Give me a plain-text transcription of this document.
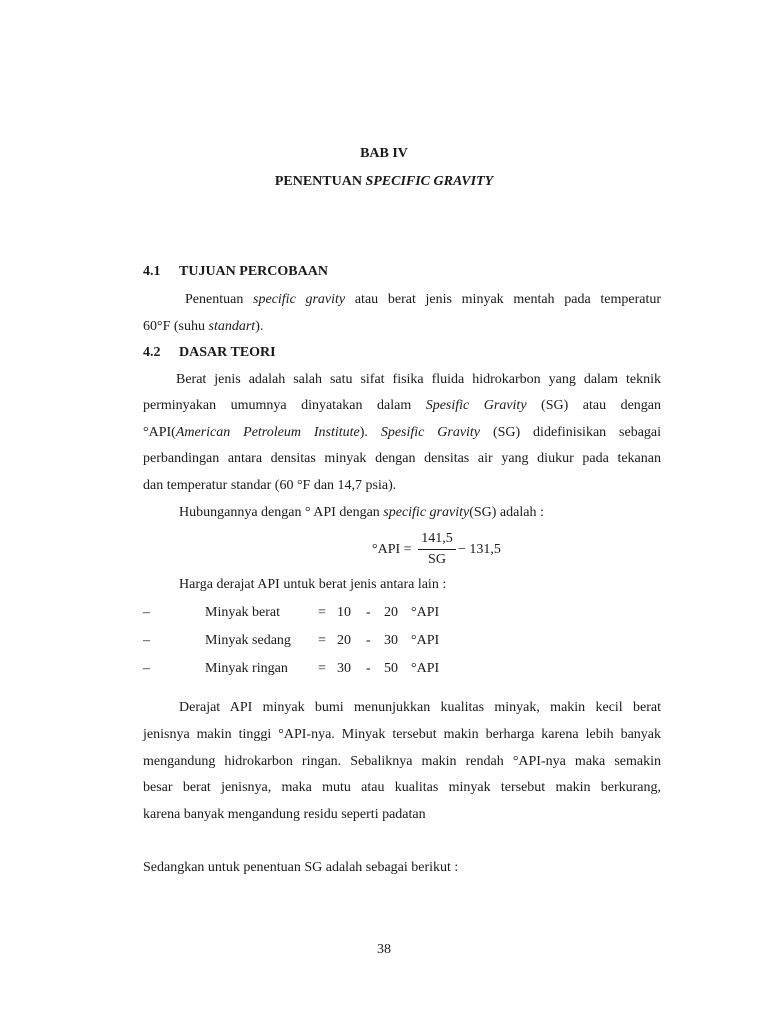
BAB IV
PENENTUAN SPECIFIC GRAVITY
4.1 TUJUAN PERCOBAAN
Penentuan specific gravity atau berat jenis minyak mentah pada temperatur
60°F (suhu standart).
4.2 DASAR TEORI
Berat jenis adalah salah satu sifat fisika fluida hidrokarbon yang dalam teknik
perminyakan umumnya dinyatakan dalam Spesific Gravity (SG) atau dengan
°API(American Petroleum Institute). Spesific Gravity (SG) didefinisikan sebagai
perbandingan antara densitas minyak dengan densitas air yang diukur pada tekanan
dan temperatur standar (60 °F dan 14,7 psia).
Hubungannya dengan ° API dengan specific gravity(SG) adalah :
°API =
141,5
SG
− 131,5
Harga derajat API untuk berat jenis antara lain :
–	Minyak berat	= 10 - 20 °API
–	Minyak sedang = 20 - 30 °API
–	Minyak ringan = 30 - 50 °API
Derajat API minyak bumi menunjukkan kualitas minyak, makin kecil berat
jenisnya makin tinggi °API-nya. Minyak tersebut makin berharga karena lebih banyak
mengandung hidrokarbon ringan. Sebaliknya makin rendah °API-nya maka semakin
besar berat jenisnya, maka mutu atau kualitas minyak tersebut makin berkurang,
karena banyak mengandung residu seperti padatan
Sedangkan untuk penentuan SG adalah sebagai berikut :
38
